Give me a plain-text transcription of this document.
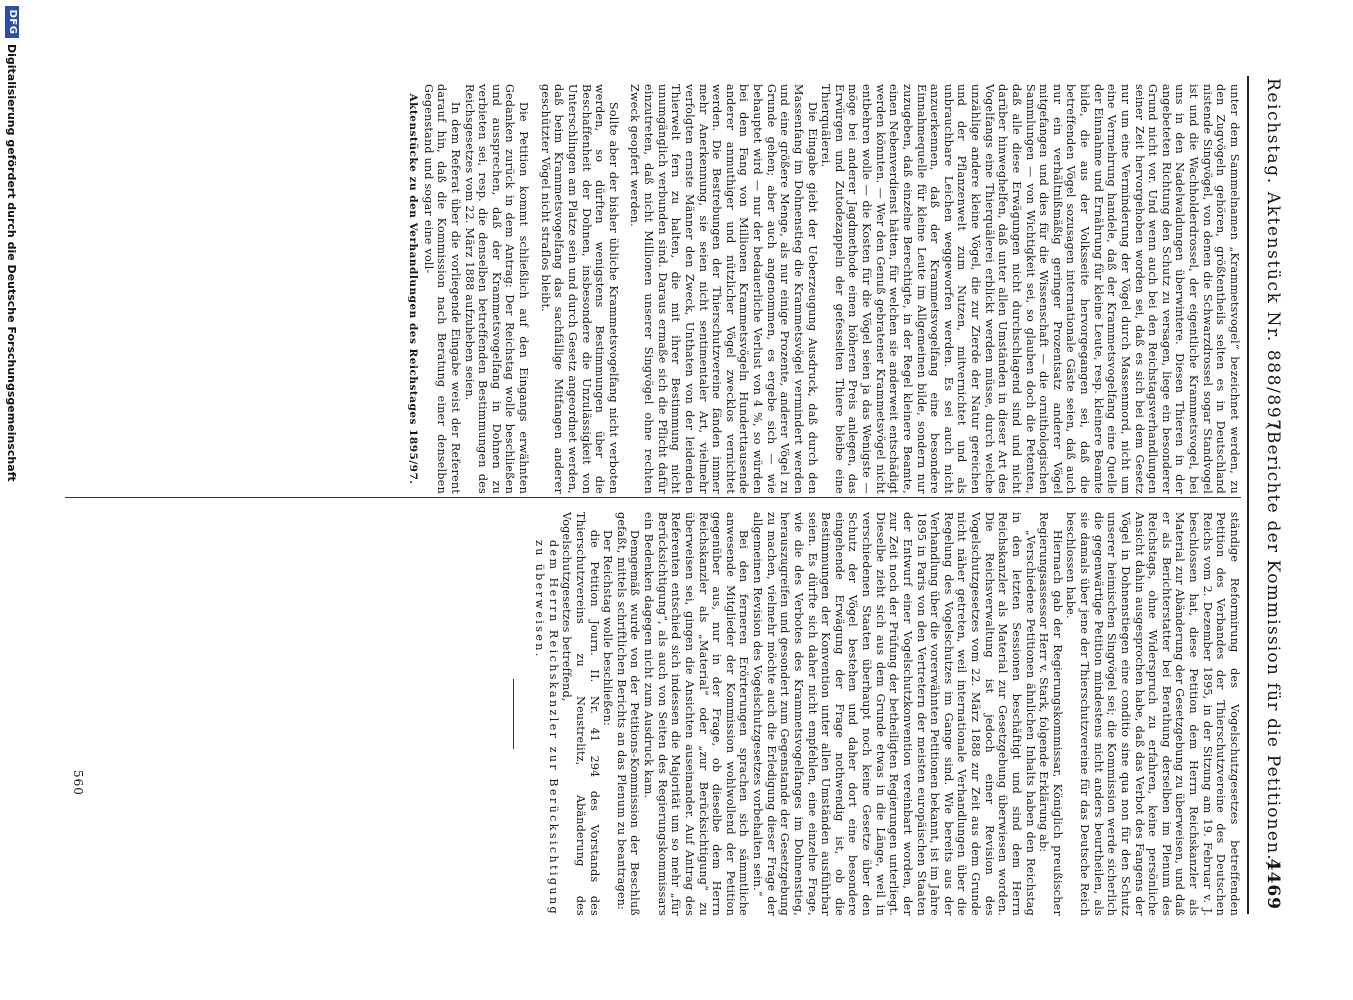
Reichstag. Aktenstück Nr. 888/897.
(Berichte der Kommission für die Petitionen.)
4469

unter dem Sammelnamen „Krammetsvogel“ bezeichnet werden, zu den Zugvögeln gehören, größtentheils selten es in Deutschland nistende Singvögel, von denen die Schwarzdrossel sogar Standvogel ist und die Wachholderdrossel, der eigentliche Krammetsvogel, bei uns in den Nadelwaldungen überwintere. Diesen Thieren in der angebeteten Richtung den Schutz zu versagen, liege ein besonderer Grund nicht vor. Und wenn auch bei den Reichstagsverhandlungen seiner Zeit hervorgehoben worden sei, daß es sich bei dem Gesetz nur um eine Verminderung der Vögel durch Massenmord, nicht um eine Vermehrung handele, daß der Krammetsvogelfang eine Quelle der Einnahme und Ernährung für kleine Leute, resp. kleinere Beamte bilde, die aus der Volksseite hervorgegangen sei, daß die betreffenden Vögel sozusagen internationale Gäste seien, daß auch nur ein verhältnißmäßig geringer Prozentsatz anderer Vögel mitgefangen und dies für die Wissenschaft — die ornithologischen Sammlungen — von Wichtigkeit sei, so glauben doch die Petenten, daß alle diese Erwägungen nicht durchschlagend sind und nicht darüber hinweghelfen, daß unter allen Umständen in dieser Art des Vogelfangs eine Thierquälerei erblickt werden müsse, durch welche unzählige andere kleine Vögel, die zur Zierde der Natur gereichen und der Pflanzenwelt zum Nutzen, mitvernichtet und als unbrauchbare Leichen weggeworfen werden. Es sei auch nicht anzuerkennen, daß der Krammetsvogelfang eine besondere Einnahmequelle für kleine Leute im Allgemeinen bilde, sondern nur zuzugeben, daß einzelne Berechtigte, in der Regel kleinere Beamte, einen Nebenverdienst hätten, für welchen sie anderweit entschädigt werden könnten. — Wer den Genuß gebratener Krammetsvögel nicht entbehren wolle — die Kosten für die Vögel seien ja das Wenigste — möge bei anderer Jagdmethode einen höheren Preis anlegen, das Erwürgen und Zutodezappeln der gefesselten Thiere bleibe eine Thierquälerei.

Die Eingabe giebt der Ueberzeugung Ausdruck, daß durch den Massenfang im Dohnenstieg die Krammetsvögel vermindert werden und eine größere Menge, als nur einige Prozente, anderer Vögel zu Grunde gehen; aber auch angenommen, es ergebe sich — wie behauptet wird — nur der bedauerliche Verlust von 4 %, so würden bei dem Fang von Millionen Krammetsvögeln Hunderttausende anderer anmuthiger und nützlicher Vögel zwecklos vernichtet werden. Die Bestrebungen der Thierschutzvereine fänden immer mehr Anerkennung, sie seien nicht sentimentaler Art, vielmehr verfolgten ernste Männer den Zweck, Unthaten von der leidenden Thierwelt fern zu halten, die mit ihrer Bestimmung nicht unumgänglich verbunden sind. Daraus ermaße sich die Pflicht dafür einzutreten, daß nicht Millionen unserer Singvögel ohne rechten Zweck geopfert werden.

Sollte aber der bisher übliche Krammetsvogelfang nicht verboten werden, so dürften wenigstens Bestimmungen über die Beschaffenheit der Dohnen, insbesondere die Unzulässigkeit von Unterschlingen am Platze sein und durch Gesetz angeordnet werden, daß beim Krammetsvogelfang das sachfällige Mitfangen anderer geschützter Vögel nicht straflos bleibt.

Die Petition kommt schließlich auf den Eingangs erwähnten Gedanken zurück in dem Antrag: Der Reichstag wolle beschließen und aussprechen, daß der Krammetsvogelfang in Dohnen zu verbieten sei, resp. die denselben betreffenden Bestimmungen des Reichsgesetzes vom 22. März 1888 aufzuheben seien.

In dem Referat über die vorliegende Eingabe weist der Referent darauf hin, daß die Kommission nach Beratung einer denselben Gegenstand und sogar eine voll-

Aktenstücke zu den Verhandlungen des Reichstages 1895/97.

ständige Reformirung des Vogelschutzgesetzes betreffenden Petition des Verbandes der Thierschutzvereine des Deutschen Reichs vom 2. Dezember 1895, in der Sitzung am 19. Februar v. J. beschlossen hat, diese Petition dem Herrn Reichskanzler als Material zur Abänderung der Gesetzgebung zu überweisen, und daß er als Berichterstatter bei Berathung derselben im Plenum des Reichstags, ohne Widerspruch zu erfahren, keine persönliche Ansicht dahin ausgesprochen habe, daß das Verbot des Fangens der Vögel in Dohnenstiegen eine conditio sine qua non für den Schutz unserer heimischen Singvögel sei; die Kommission werde sicherlich die gegenwärtige Petition mindestens nicht anders beurtheilen, als sie damals über jene der Thierschutzvereine für das Deutsche Reich beschlossen habe.

Hiernach gab der Regierungskommissar, Königlich preußischer Regierungsassessor Herr v. Stark, folgende Erklärung ab:

„Verschiedene Petitionen ähnlichen Inhalts haben den Reichstag in den letzten Sessionen beschäftigt und sind dem Herrn Reichskanzler als Material zur Gesetzgebung überwiesen worden. Die Reichsverwaltung ist jedoch einer Revision des Vogelschutzgesetzes vom 22. März 1888 zur Zeit aus dem Grunde nicht näher getreten, weil internationale Verhandlungen über die Regelung des Vogelschutzes im Gange sind. Wie bereits aus der Verhandlung über die vorerwähnten Petitionen bekannt, ist im Jahre 1895 in Paris von den Vertretern der meisten europäischen Staaten der Entwurf einer Vogelschutzkonvention vereinbart worden, der zur Zeit noch der Prüfung der betheiligten Regierungen unterliegt. Dieselbe zieht sich aus dem Grunde etwas in die Länge, weil in verschiedenen Staaten überhaupt noch keine Gesetze über den Schutz der Vögel bestehen und daher dort eine besondere eingehende Erwägung der Frage nothwendig ist, ob die Bestimmungen der Konvention unter allen Umständen ausführbar seien. Es dürfte sich daher nicht empfehlen, eine einzelne Frage, wie die des Verbotes des Krammetsvogelfanges im Dohnenstieg, herauszugreifen und gesondert zum Gegenstande der Gesetzgebung zu machen, vielmehr möchte auch die Erledigung dieser Frage der allgemeinen Revision des Vogelschutzgesetzes vorbehalten sein.“

Bei den ferneren Erörterungen sprachen sich sämmtliche anwesende Mitglieder der Kommission wohlwollend der Petition gegenüber aus, nur in der Frage, ob dieselbe dem Herrn Reichskanzler als „Material“ oder „zur Berücksichtigung“ zu überweisen sei, gingen die Ansichten auseinander. Auf Antrag des Referenten entschied sich indessen die Majorität um so mehr „für Berücksichtigung“, als auch von Seiten des Regierungskommissars ein Bedenken dagegen nicht zum Ausdruck kam.

Demgemäß wurde von der Petitions-Kommission der Beschluß gefaßt, mittels schriftlichen Berichts an das Plenum zu beantragen:

Der Reichstag wolle beschließen:

die Petition Journ. II. Nr. 41 294 des Vorstands des Thierschutzvereins zu Neustrelitz, Abänderung des Vogelschutzgesetzes betreffend,

dem Herrn Reichskanzler zur Berücksichtigung zu überweisen.

560
DFG
Digitalisierung gefördert durch die Deutsche Forschungsgemeinschaft
